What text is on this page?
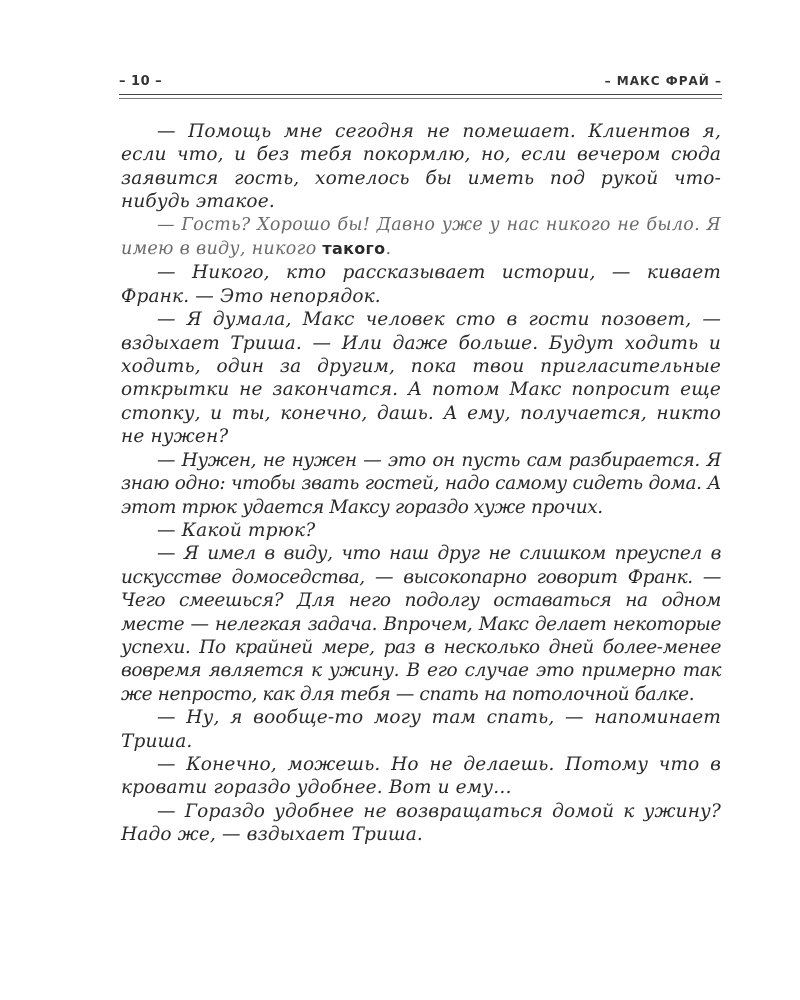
– 10 –	– МАКС ФРАЙ –

— Помощь мне сегодня не помешает. Клиентов я, если что, и без тебя покормлю, но, если вечером сюда заявится гость, хотелось бы иметь под рукой что-нибудь этакое.

— Гость? Хорошо бы! Давно уже у нас никого не было. Я имею в виду, никого такого.

— Никого, кто рассказывает истории, — кивает Франк. — Это непорядок.

— Я думала, Макс человек сто в гости позовет, — вздыхает Триша. — Или даже больше. Будут ходить и ходить, один за другим, пока твои пригласительные открытки не закончатся. А потом Макс попросит еще стопку, и ты, конечно, дашь. А ему, получается, никто не нужен?

— Нужен, не нужен — это он пусть сам разбирается. Я знаю одно: чтобы звать гостей, надо самому сидеть дома. А этот трюк удается Максу гораздо хуже прочих.

— Какой трюк?

— Я имел в виду, что наш друг не слишком преуспел в искусстве домоседства, — высокопарно говорит Франк. — Чего смеешься? Для него подолгу оставаться на одном месте — нелегкая задача. Впрочем, Макс делает некоторые успехи. По крайней мере, раз в несколько дней более-менее вовремя является к ужину. В его случае это примерно так же непросто, как для тебя — спать на потолочной балке.

— Ну, я вообще-то могу там спать, — напоминает Триша.

— Конечно, можешь. Но не делаешь. Потому что в кровати гораздо удобнее. Вот и ему…

— Гораздо удобнее не возвращаться домой к ужину? Надо же, — вздыхает Триша.
